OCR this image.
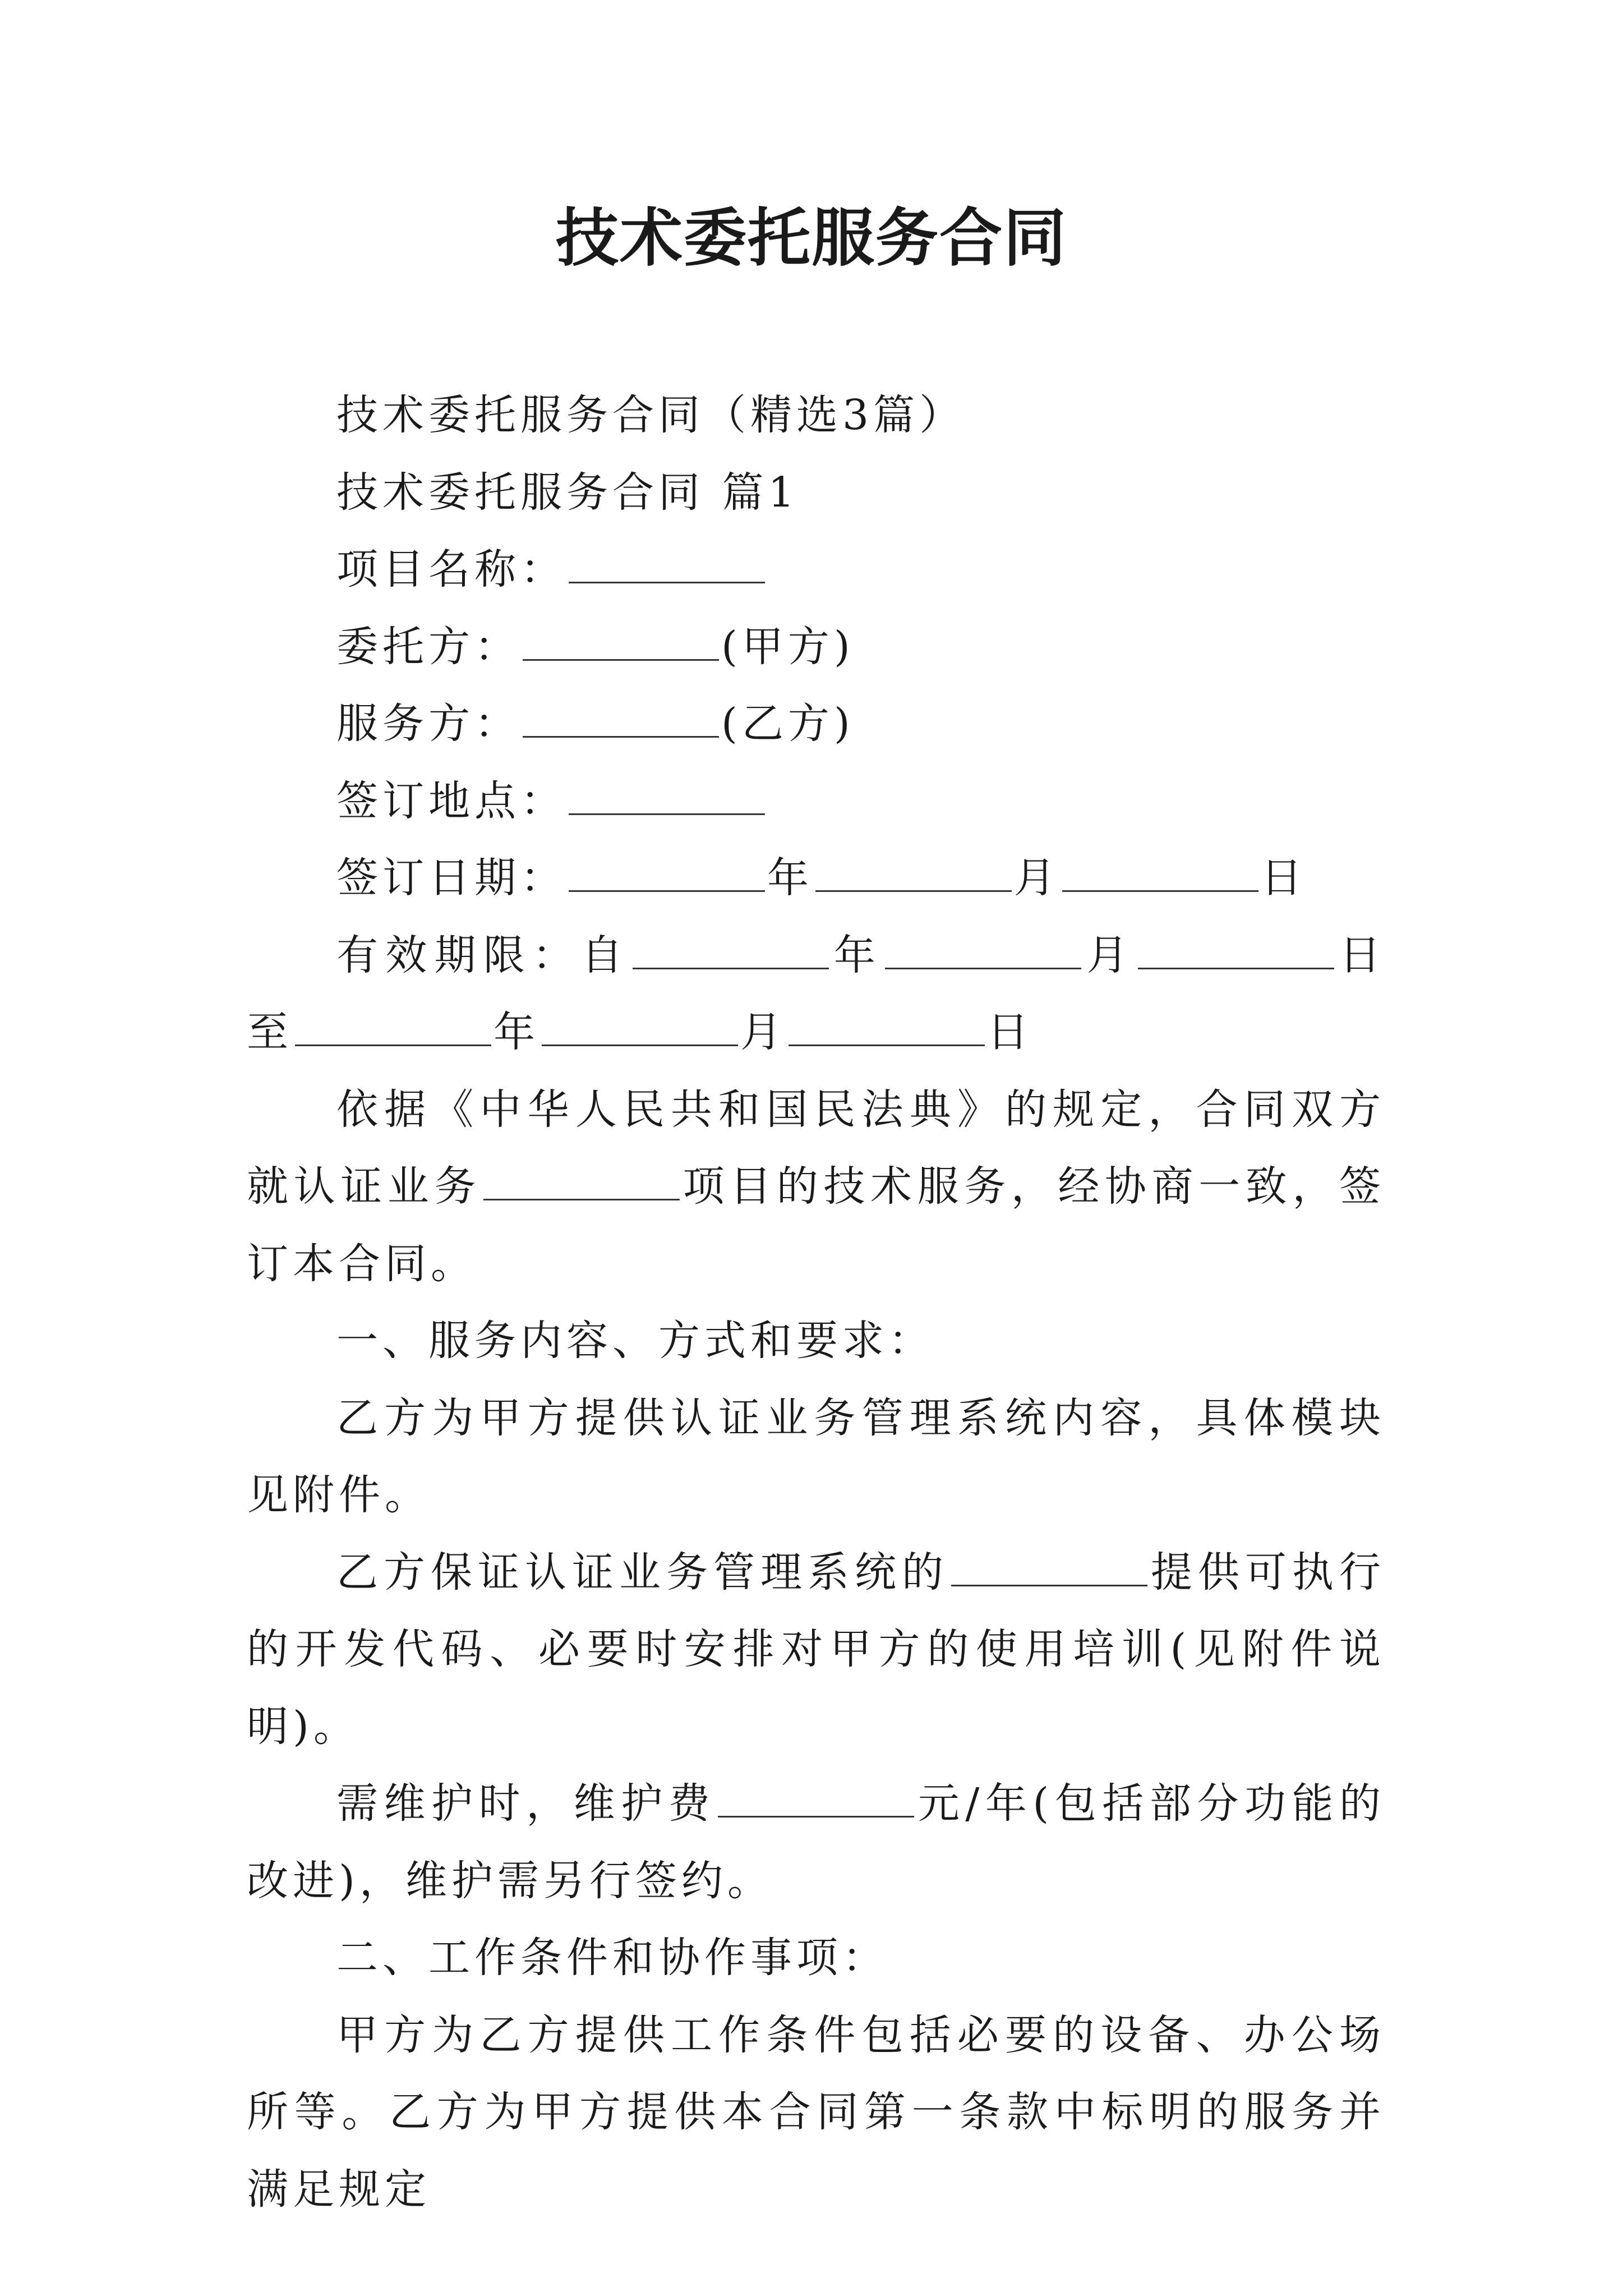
技术委托服务合同

技术委托服务合同（精选3篇）

技术委托服务合同 篇1

项目名称：

委托方：	(甲方)

服务方：	(乙方)

签订地点：

签订日期：	年	月	日

有效期限：自	年	月	日至	年	月	日

依据《中华人民共和国民法典》的规定，合同双方就认证业务	项目的技术服务，经协商一致，签订本合同。

一、服务内容、方式和要求：

乙方为甲方提供认证业务管理系统内容，具体模块见附件。

乙方保证认证业务管理系统的	提供可执行的开发代码、必要时安排对甲方的使用培训(见附件说明)。

需维护时，维护费	元/年(包括部分功能的改进)，维护需另行签约。

二、工作条件和协作事项：

甲方为乙方提供工作条件包括必要的设备、办公场所等。乙方为甲方提供本合同第一条款中标明的服务并满足规定
